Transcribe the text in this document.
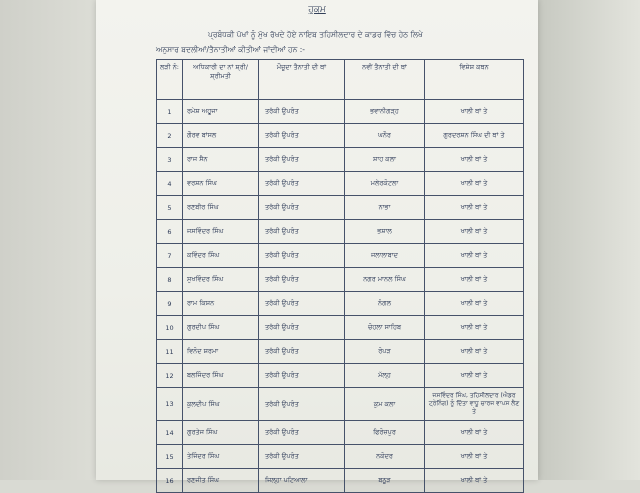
ਹੁਕਮ
ਪ੍ਰਬੰਧਕੀ ਪੱਖਾਂ ਨੂੰ ਮੁੱਖ ਰੱਖਦੇ ਹੋਏ ਨਾਇਬ ਤਹਿਸੀਲਦਾਰ ਦੇ ਕਾਡਰ ਵਿੱਚ ਹੇਠ ਲਿਖੇ
ਅਨੁਸਾਰ ਬਦਲੀਆਂ/ਤੈਨਾਤੀਆਂ ਕੀਤੀਆਂ ਜਾਂਦੀਆਂ ਹਨ :-
ਲੜੀ ਨੰ:	ਅਧਿਕਾਰੀ ਦਾ ਨਾਂ ਸ਼੍ਰੀ/ਸ਼੍ਰੀਮਤੀ	ਮੌਜੂਦਾ ਤੈਨਾਤੀ ਦੀ ਥਾਂ	ਨਵੀਂ ਤੈਨਾਤੀ ਦੀ ਥਾਂ	ਵਿਸ਼ੇਸ਼ ਕਥਨ
1	ਰਮੇਸ਼ ਅਹੂਜਾ	ਤਰੱਕੀ ਉਪਰੰਤ	ਭਵਾਨੀਗੜ੍ਹ	ਖਾਲੀ ਥਾਂ ਤੇ
2	ਗੌਰਵ ਬਾਂਸਲ	ਤਰੱਕੀ ਉਪਰੰਤ	ਘਨੌਰ	ਗੁਰਦਰਸ਼ਨ ਸਿੰਘ ਦੀ ਥਾਂ ਤੇ
3	ਰਾਜ ਸੈਨ	ਤਰੱਕੀ ਉਪਰੰਤ	ਸ਼ਾਹ ਕਲਾ	ਖਾਲੀ ਥਾਂ ਤੇ
4	ਵਰਸ਼ਨ ਸਿੰਘ	ਤਰੱਕੀ ਉਪਰੰਤ	ਮਲੇਰਕੋਟਲਾ	ਖਾਲੀ ਥਾਂ ਤੇ
5	ਰਣਬੀਰ ਸਿੰਘ	ਤਰੱਕੀ ਉਪਰੰਤ	ਨਾਭਾ	ਖਾਲੀ ਥਾਂ ਤੇ
6	ਜਸਵਿੰਦਰ ਸਿੰਘ	ਤਰੱਕੀ ਉਪਰੰਤ	ਭਸ਼ਾਲ	ਖਾਲੀ ਥਾਂ ਤੇ
7	ਕਵਿੰਦਰ ਸਿੰਘ	ਤਰੱਕੀ ਉਪਰੰਤ	ਜਲਾਲਾਬਾਦ	ਖਾਲੀ ਥਾਂ ਤੇ
8	ਸੁਖਵਿੰਦਰ ਸਿੰਘ	ਤਰੱਕੀ ਉਪਰੰਤ	ਨਗਰ ਮਾਨਲ ਸਿੰਘ	ਖਾਲੀ ਥਾਂ ਤੇ
9	ਰਾਮ ਕਿਸ਼ਨ	ਤਰੱਕੀ ਉਪਰੰਤ	ਨੰਗਲ	ਖਾਲੀ ਥਾਂ ਤੇ
10	ਗੁਰਦੀਪ ਸਿੰਘ	ਤਰੱਕੀ ਉਪਰੰਤ	ਚੋਹਲਾ ਸਾਹਿਬ	ਖਾਲੀ ਥਾਂ ਤੇ
11	ਵਿਨੋਦ ਸ਼ਰਮਾ	ਤਰੱਕੀ ਉਪਰੰਤ	ਰੋਪੜ	ਖਾਲੀ ਥਾਂ ਤੇ
12	ਬਲਜਿੰਦਰ ਸਿੰਘ	ਤਰੱਕੀ ਉਪਰੰਤ	ਮੱਲ੍ਹ	ਖਾਲੀ ਥਾਂ ਤੇ
13	ਕੁਲਦੀਪ ਸਿੰਘ	ਤਰੱਕੀ ਉਪਰੰਤ	ਕੁਮ ਕਲਾ	ਜਸਵਿੰਦਰ ਸਿੰਘ, ਤਹਿਸੀਲਦਾਰ (ਐਡਰ ਟ੍ਰੇਨਿੰਗ) ਨੂੰ ਦਿੱਤਾ ਵਾਧੂ ਚਾਰਜ ਵਾਪਸ ਲੈਣ ਤੇ
14	ਗੁਰਤੇਜ ਸਿੰਘ	ਤਰੱਕੀ ਉਪਰੰਤ	ਫਿਰੋਜ਼ਪੁਰ	ਖਾਲੀ ਥਾਂ ਤੇ
15	ਤੇਜਿੰਦਰ ਸਿੰਘ	ਤਰੱਕੀ ਉਪਰੰਤ	ਨਕੋਦਰ	ਖਾਲੀ ਥਾਂ ਤੇ
16	ਰਣਜੀਤ ਸਿੰਘ	ਜਿਲ੍ਹਾ ਪਟਿਆਲਾ	ਬਨੂੜ	ਖਾਲੀ ਥਾਂ ਤੇ
